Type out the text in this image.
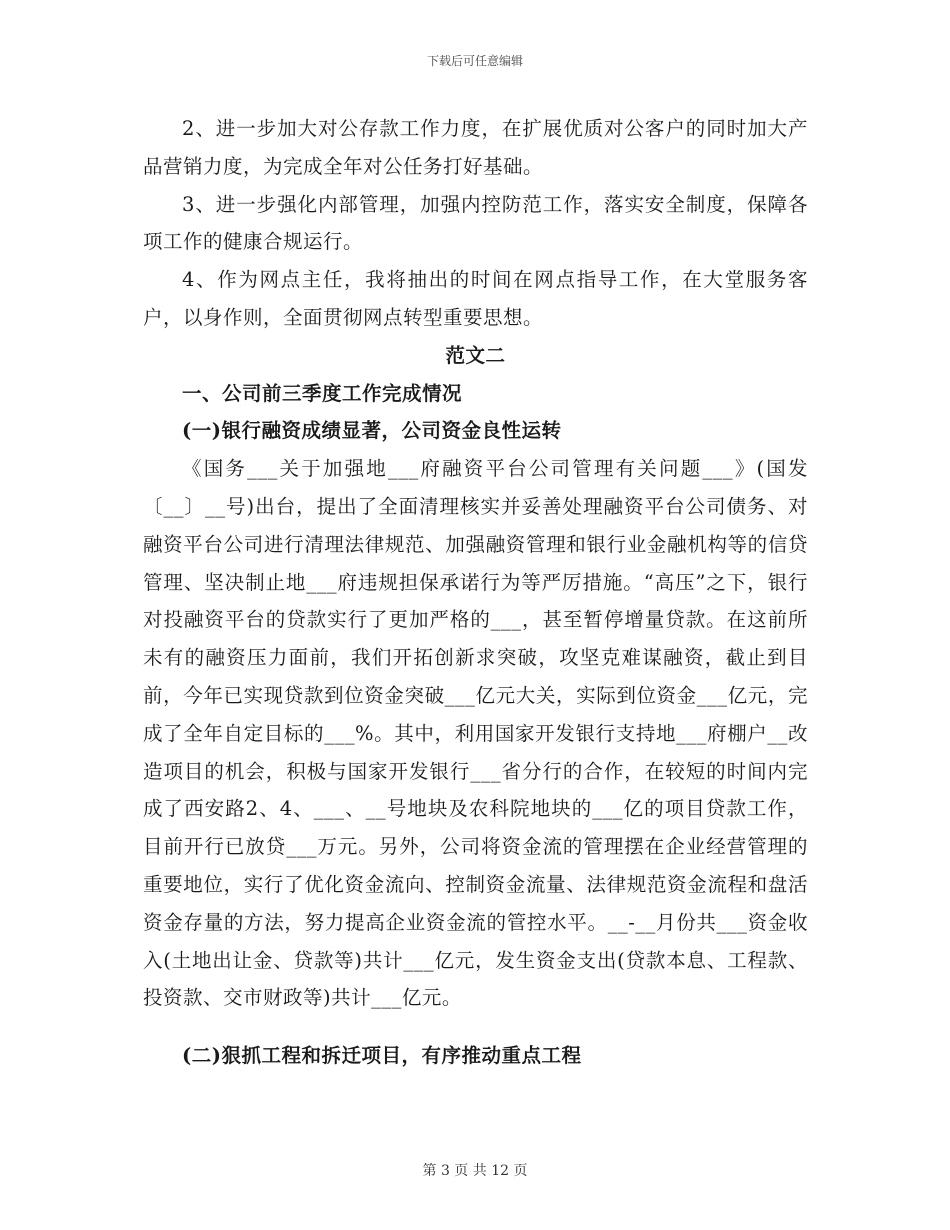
下载后可任意编辑

2、进一步加大对公存款工作力度，在扩展优质对公客户的同时加大产品营销力度，为完成全年对公任务打好基础。

3、进一步强化内部管理，加强内控防范工作，落实安全制度，保障各项工作的健康合规运行。

4、作为网点主任，我将抽出的时间在网点指导工作，在大堂服务客户，以身作则，全面贯彻网点转型重要思想。

范文二

一、公司前三季度工作完成情况

(一)银行融资成绩显著，公司资金良性运转

《国务___关于加强地___府融资平台公司管理有关问题___》(国发〔__〕__号)出台，提出了全面清理核实并妥善处理融资平台公司债务、对融资平台公司进行清理法律规范、加强融资管理和银行业金融机构等的信贷管理、坚决制止地___府违规担保承诺行为等严厉措施。“高压”之下，银行对投融资平台的贷款实行了更加严格的___，甚至暂停增量贷款。在这前所未有的融资压力面前，我们开拓创新求突破，攻坚克难谋融资，截止到目前，今年已实现贷款到位资金突破___亿元大关，实际到位资金___亿元，完成了全年自定目标的___%。其中，利用国家开发银行支持地___府棚户__改造项目的机会，积极与国家开发银行___省分行的合作，在较短的时间内完成了西安路2、4、___、__号地块及农科院地块的___亿的项目贷款工作，目前开行已放贷___万元。另外，公司将资金流的管理摆在企业经营管理的重要地位，实行了优化资金流向、控制资金流量、法律规范资金流程和盘活资金存量的方法，努力提高企业资金流的管控水平。__-__月份共___资金收入(土地出让金、贷款等)共计___亿元，发生资金支出(贷款本息、工程款、投资款、交市财政等)共计___亿元。

(二)狠抓工程和拆迁项目，有序推动重点工程

第 3 页 共 12 页
